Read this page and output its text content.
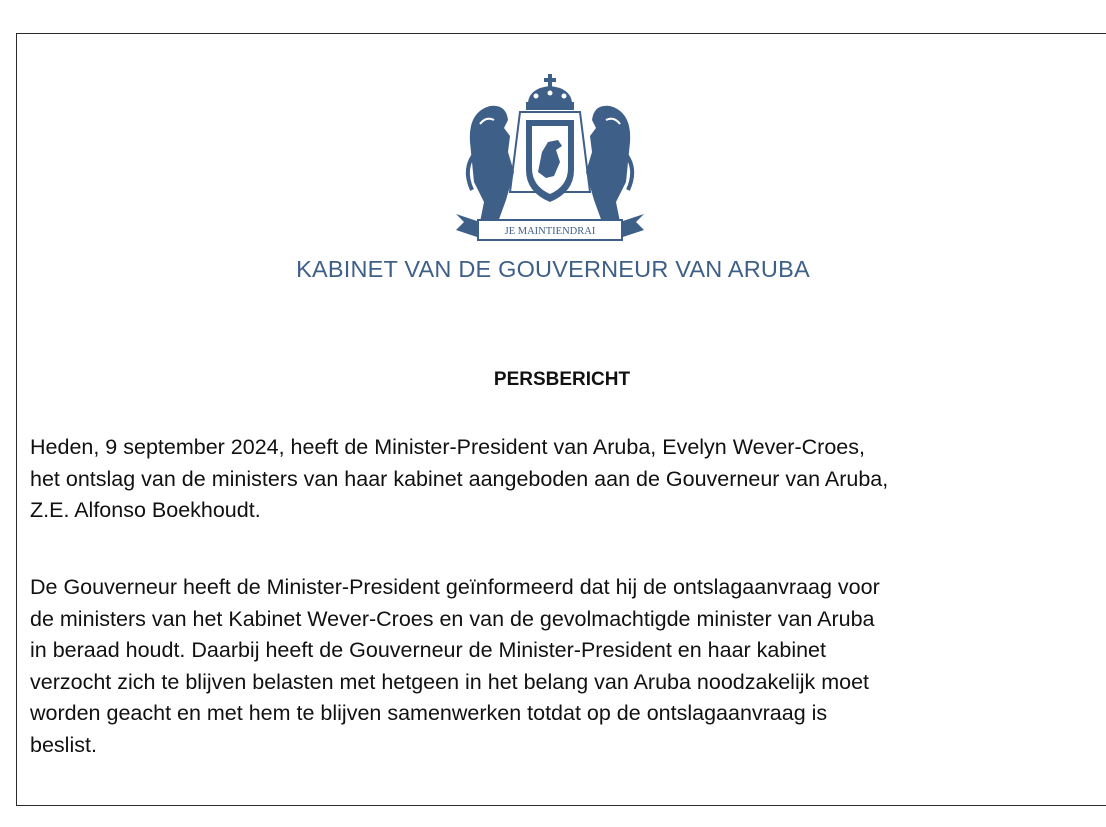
JE MAINTIENDRAI
KABINET VAN DE GOUVERNEUR VAN ARUBA
PERSBERICHT

Heden, 9 september 2024, heeft de Minister-President van Aruba, Evelyn Wever-Croes,
het ontslag van de ministers van haar kabinet aangeboden aan de Gouverneur van Aruba,
Z.E. Alfonso Boekhoudt.

De Gouverneur heeft de Minister-President geïnformeerd dat hij de ontslagaanvraag voor
de ministers van het Kabinet Wever-Croes en van de gevolmachtigde minister van Aruba
in beraad houdt. Daarbij heeft de Gouverneur de Minister-President en haar kabinet
verzocht zich te blijven belasten met hetgeen in het belang van Aruba noodzakelijk moet
worden geacht en met hem te blijven samenwerken totdat op de ontslagaanvraag is
beslist.
